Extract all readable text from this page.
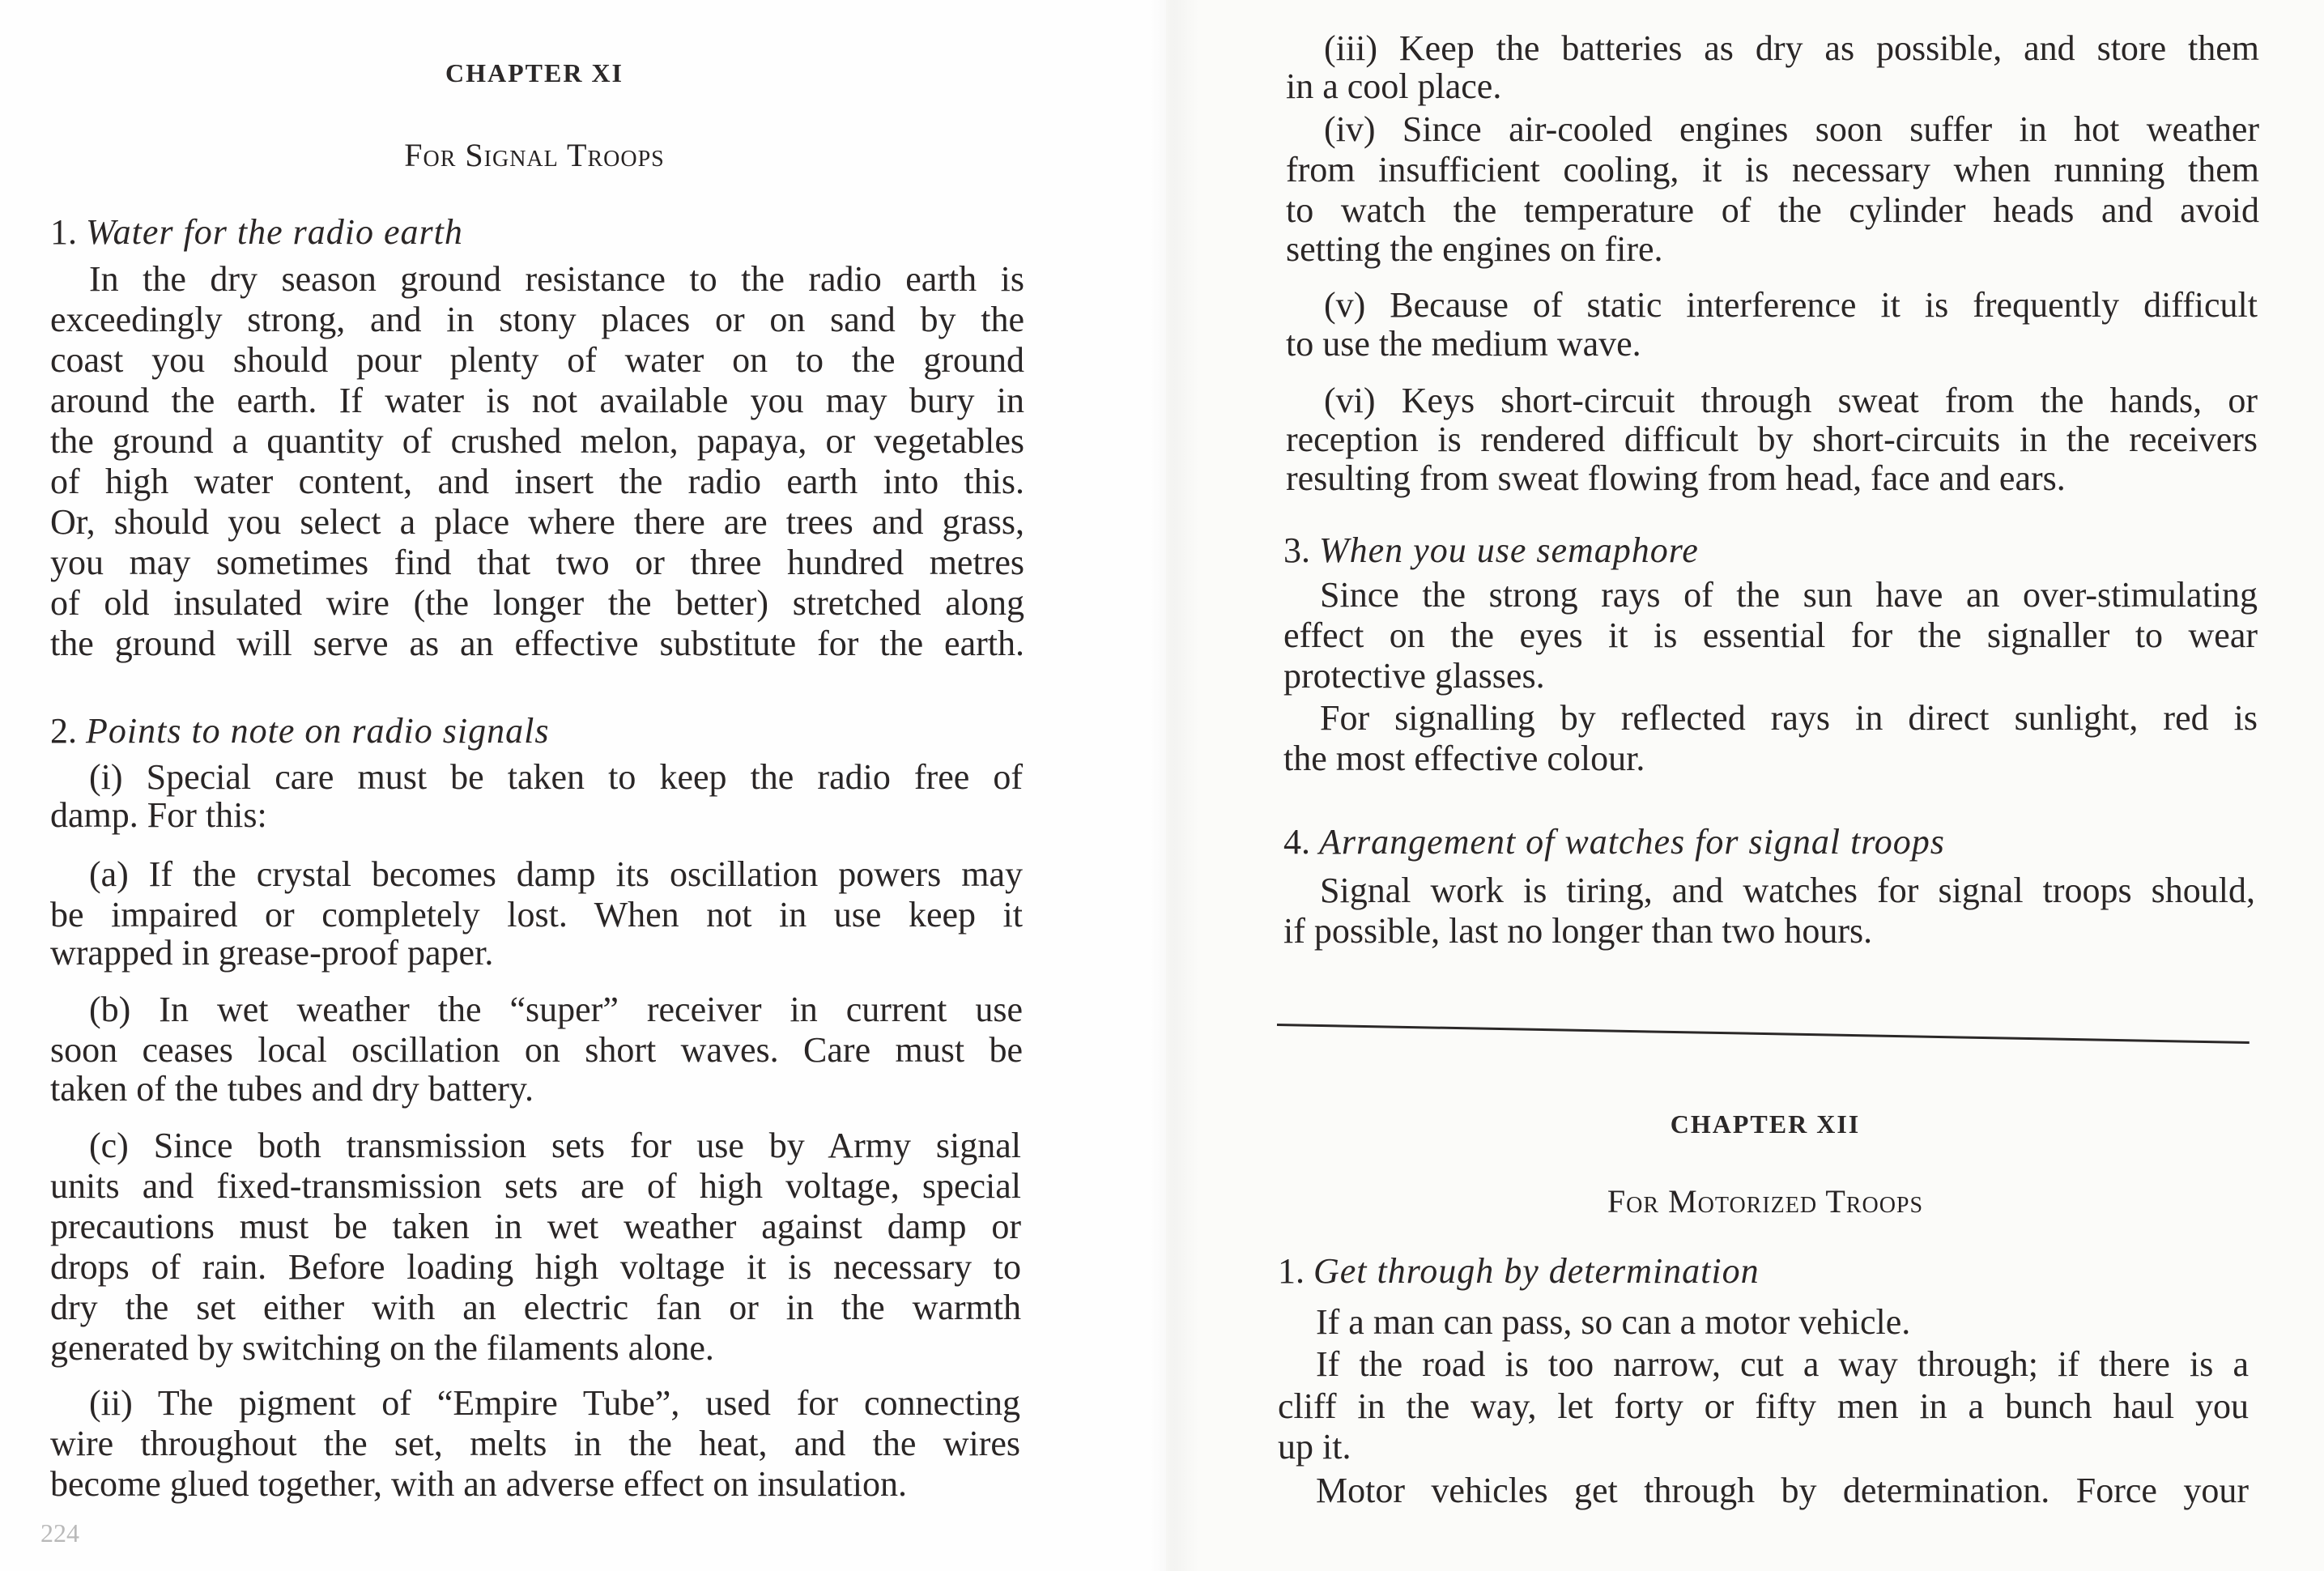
CHAPTER XI
For Signal Troops
1. Water for the radio earth
In the dry season ground resistance to the radio earth is
exceedingly strong, and in stony places or on sand by the
coast you should pour plenty of water on to the ground
around the earth. If water is not available you may bury in
the ground a quantity of crushed melon, papaya, or vegetables
of high water content, and insert the radio earth into this.
Or, should you select a place where there are trees and grass,
you may sometimes find that two or three hundred metres
of old insulated wire (the longer the better) stretched along
the ground will serve as an effective substitute for the earth.
2. Points to note on radio signals
(i) Special care must be taken to keep the radio free of
damp. For this:
(a) If the crystal becomes damp its oscillation powers may
be impaired or completely lost. When not in use keep it
wrapped in grease-proof paper.
(b) In wet weather the “super” receiver in current use
soon ceases local oscillation on short waves. Care must be
taken of the tubes and dry battery.
(c) Since both transmission sets for use by Army signal
units and fixed-transmission sets are of high voltage, special
precautions must be taken in wet weather against damp or
drops of rain. Before loading high voltage it is necessary to
dry the set either with an electric fan or in the warmth
generated by switching on the filaments alone.
(ii) The pigment of “Empire Tube”, used for connecting
wire throughout the set, melts in the heat, and the wires
become glued together, with an adverse effect on insulation.
224
(iii) Keep the batteries as dry as possible, and store them
in a cool place.
(iv) Since air-cooled engines soon suffer in hot weather
from insufficient cooling, it is necessary when running them
to watch the temperature of the cylinder heads and avoid
setting the engines on fire.
(v) Because of static interference it is frequently difficult
to use the medium wave.
(vi) Keys short-circuit through sweat from the hands, or
reception is rendered difficult by short-circuits in the receivers
resulting from sweat flowing from head, face and ears.
3. When you use semaphore
Since the strong rays of the sun have an over-stimulating
effect on the eyes it is essential for the signaller to wear
protective glasses.
For signalling by reflected rays in direct sunlight, red is
the most effective colour.
4. Arrangement of watches for signal troops
Signal work is tiring, and watches for signal troops should,
if possible, last no longer than two hours.
CHAPTER XII
For Motorized Troops
1. Get through by determination
If a man can pass, so can a motor vehicle.
If the road is too narrow, cut a way through; if there is a
cliff in the way, let forty or fifty men in a bunch haul you
up it.
Motor vehicles get through by determination. Force your
